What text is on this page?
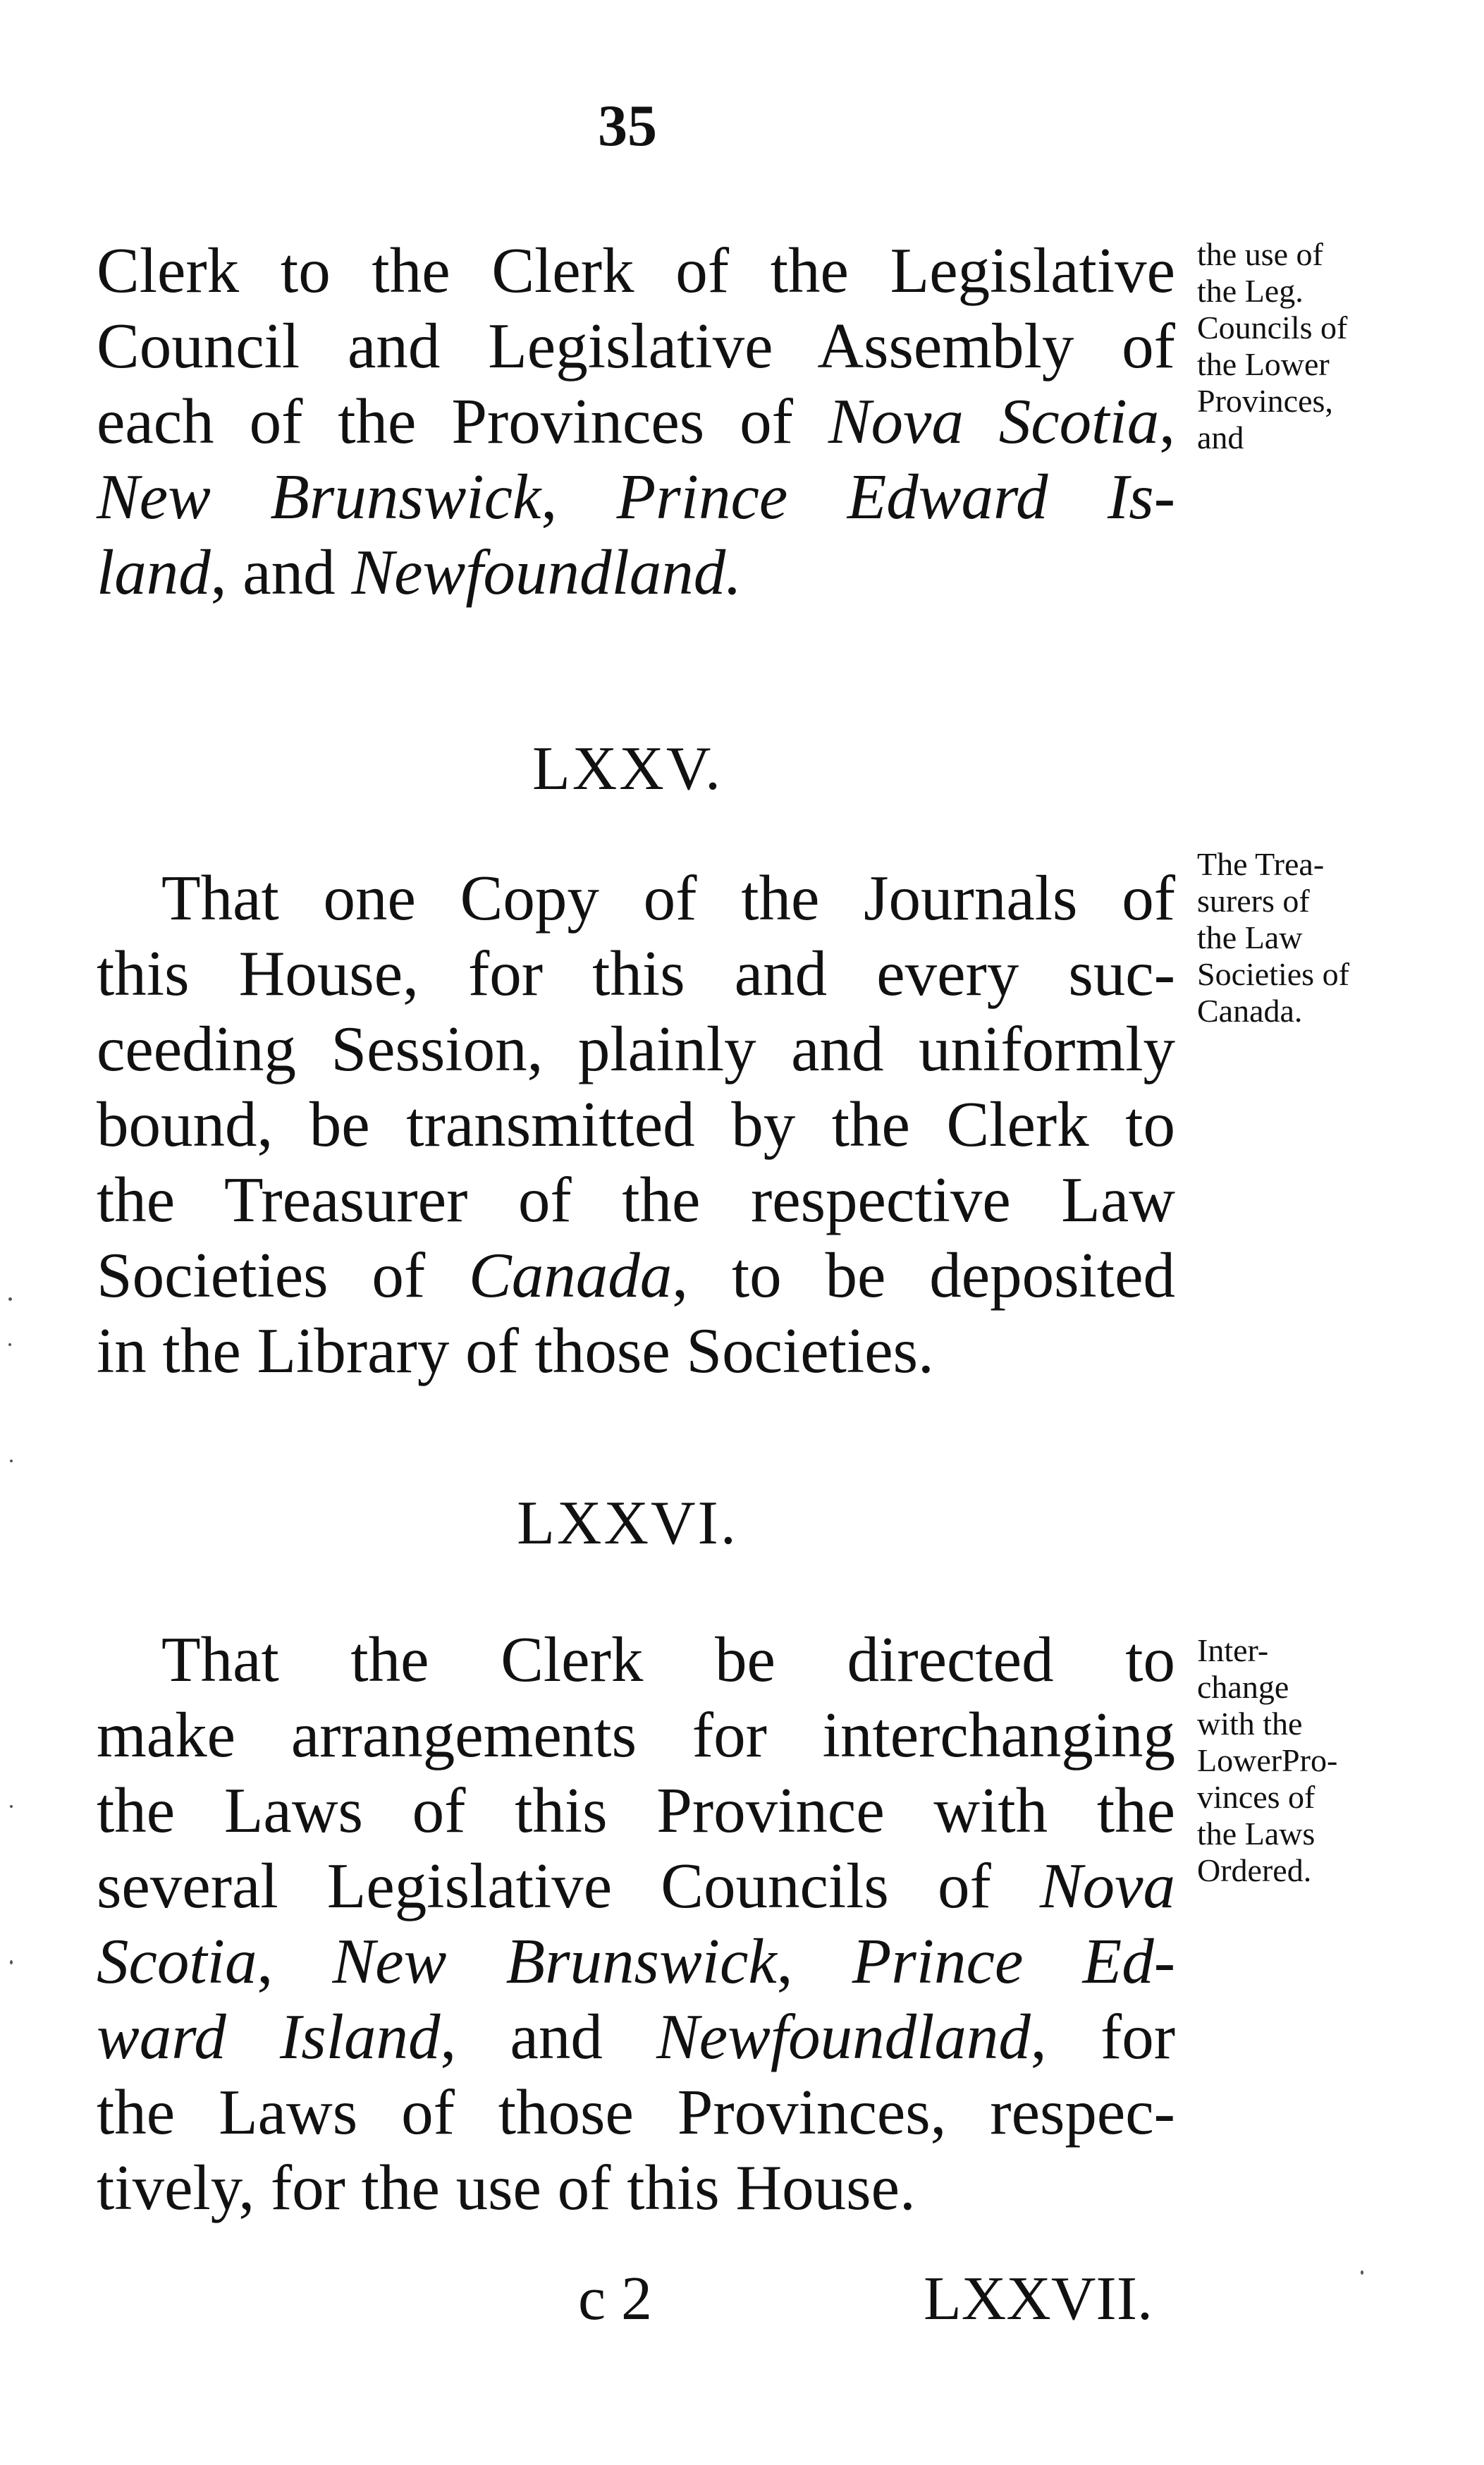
35
Clerk to the Clerk of the Legislative
Council and Legislative Assembly of
each of the Provinces of Nova Scotia,
New Brunswick, Prince Edward Is-
land, and Newfoundland.
the use of
the Leg.
Councils of
the Lower
Provinces,
and
LXXV.
That one Copy of the Journals of
this House, for this and every suc-
ceeding Session, plainly and uniformly
bound, be transmitted by the Clerk to
the Treasurer of the respective Law
Societies of Canada, to be deposited
in the Library of those Societies.
The Trea-
surers of
the Law
Societies of
Canada.
LXXVI.
That the Clerk be directed to
make arrangements for interchanging
the Laws of this Province with the
several Legislative Councils of Nova
Scotia, New Brunswick, Prince Ed-
ward Island, and Newfoundland, for
the Laws of those Provinces, respec-
tively, for the use of this House.
Inter-
change
with the
LowerPro-
vinces of
the Laws
Ordered.
c 2	LXXVII.
